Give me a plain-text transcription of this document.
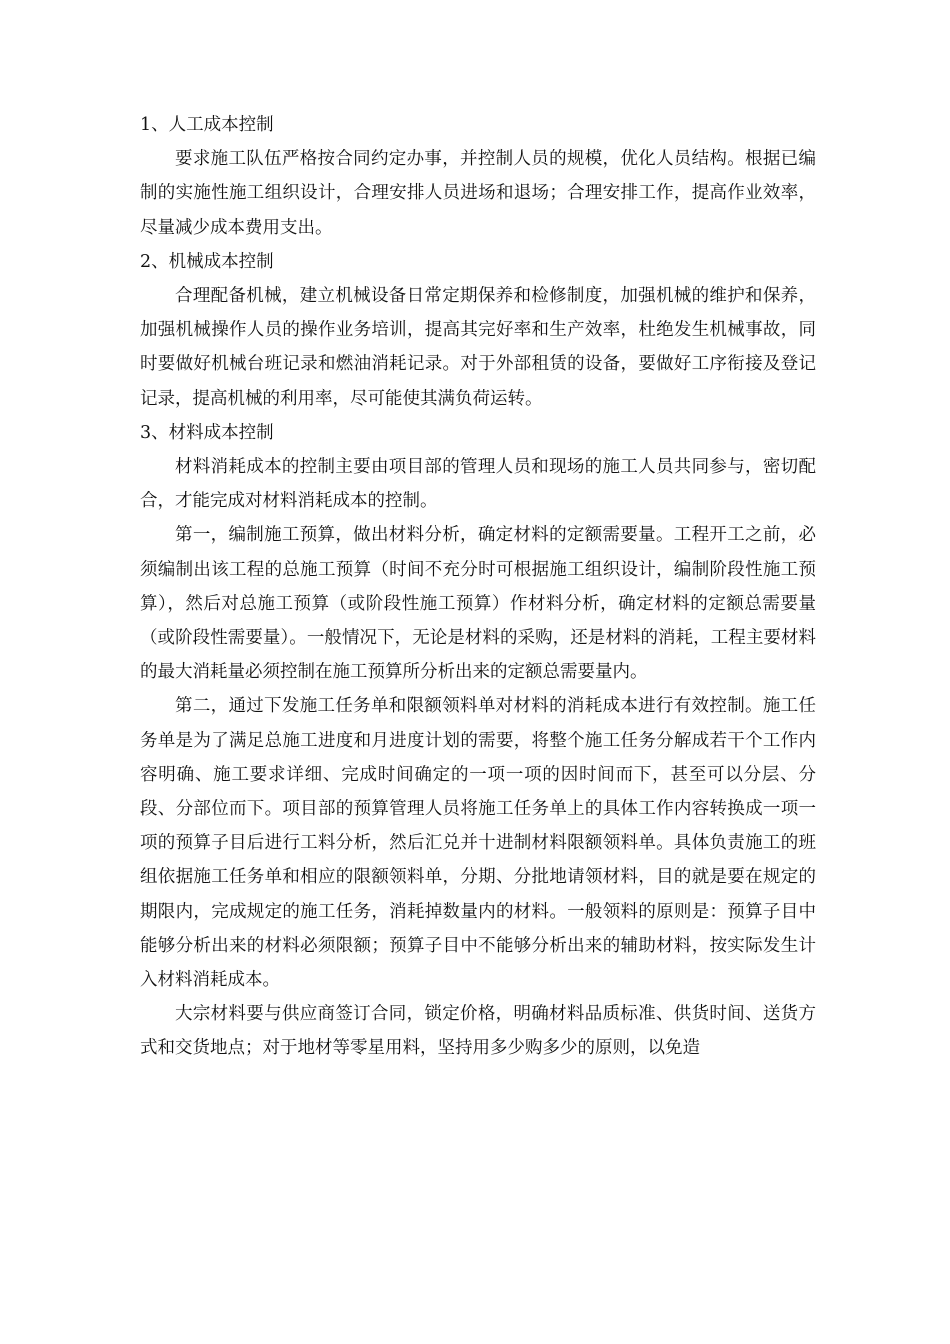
1、人工成本控制

要求施工队伍严格按合同约定办事，并控制人员的规模，优化人员结构。根据已编制的实施性施工组织设计，合理安排人员进场和退场；合理安排工作，提高作业效率，尽量减少成本费用支出。

2、机械成本控制

合理配备机械，建立机械设备日常定期保养和检修制度，加强机械的维护和保养，加强机械操作人员的操作业务培训，提高其完好率和生产效率，杜绝发生机械事故，同时要做好机械台班记录和燃油消耗记录。对于外部租赁的设备，要做好工序衔接及登记记录，提高机械的利用率，尽可能使其满负荷运转。

3、材料成本控制

材料消耗成本的控制主要由项目部的管理人员和现场的施工人员共同参与，密切配合，才能完成对材料消耗成本的控制。

第一，编制施工预算，做出材料分析，确定材料的定额需要量。工程开工之前，必须编制出该工程的总施工预算（时间不充分时可根据施工组织设计，编制阶段性施工预算），然后对总施工预算（或阶段性施工预算）作材料分析，确定材料的定额总需要量（或阶段性需要量）。一般情况下，无论是材料的采购，还是材料的消耗，工程主要材料的最大消耗量必须控制在施工预算所分析出来的定额总需要量内。

第二，通过下发施工任务单和限额领料单对材料的消耗成本进行有效控制。施工任务单是为了满足总施工进度和月进度计划的需要，将整个施工任务分解成若干个工作内容明确、施工要求详细、完成时间确定的一项一项的因时间而下，甚至可以分层、分段、分部位而下。项目部的预算管理人员将施工任务单上的具体工作内容转换成一项一项的预算子目后进行工料分析，然后汇兑并十进制材料限额领料单。具体负责施工的班组依据施工任务单和相应的限额领料单，分期、分批地请领材料，目的就是要在规定的期限内，完成规定的施工任务，消耗掉数量内的材料。一般领料的原则是：预算子目中能够分析出来的材料必须限额；预算子目中不能够分析出来的辅助材料，按实际发生计入材料消耗成本。

大宗材料要与供应商签订合同，锁定价格，明确材料品质标准、供货时间、送货方式和交货地点；对于地材等零星用料，坚持用多少购多少的原则，以免造
